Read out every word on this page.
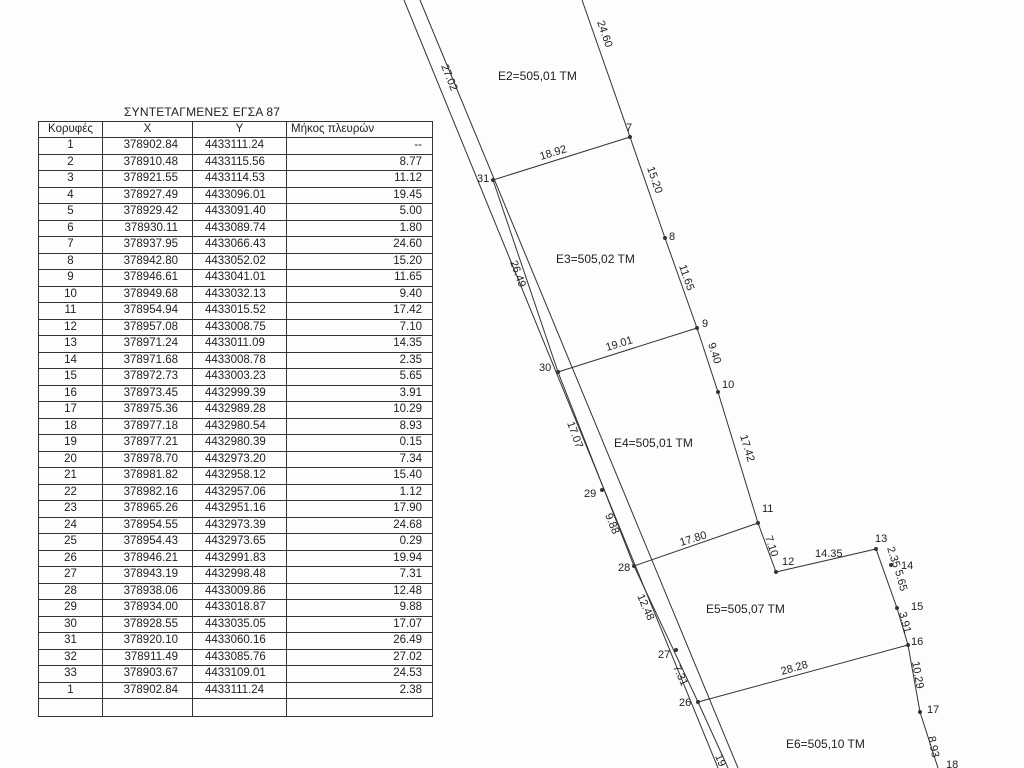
ΣΥΝΤΕΤΑΓΜΕΝΕΣ ΕΓΣΑ 87
Κορυφές	X	Y	Μήκος πλευρών
1	378902.84	4433111.24	--
2	378910.48	4433115.56	8.77
3	378921.55	4433114.53	11.12
4	378927.49	4433096.01	19.45
5	378929.42	4433091.40	5.00
6	378930.11	4433089.74	1.80
7	378937.95	4433066.43	24.60
8	378942.80	4433052.02	15.20
9	378946.61	4433041.01	11.65
10	378949.68	4433032.13	9.40
11	378954.94	4433015.52	17.42
12	378957.08	4433008.75	7.10
13	378971.24	4433011.09	14.35
14	378971.68	4433008.78	2.35
15	378972.73	4433003.23	5.65
16	378973.45	4432999.39	3.91
17	378975.36	4432989.28	10.29
18	378977.18	4432980.54	8.93
19	378977.21	4432980.39	0.15
20	378978.70	4432973.20	7.34
21	378981.82	4432958.12	15.40
22	378982.16	4432957.06	1.12
23	378965.26	4432951.16	17.90
24	378954.55	4432973.39	24.68
25	378954.43	4432973.65	0.29
26	378946.21	4432991.83	19.94
27	378943.19	4432998.48	7.31
28	378938.06	4433009.86	12.48
29	378934.00	4433018.87	9.88
30	378928.55	4433035.05	17.07
31	378920.10	4433060.16	26.49
32	378911.49	4433085.76	27.02
33	378903.67	4433109.01	24.53
1	378902.84	4433111.24	2.38

E2=505,01 TM
E3=505,02 TM
E4=505,01 TM
E5=505,07 TM
E6=505,10 TM
7
8
9
10
11
12
13
14
15
16
17
18
26
27
28
29
30
31
24.60
27.02
18.92
15.20
11.65
26.49
19.01	9.40
17.07	17.42
9.88
17.80	7.10	14.35	2.35
5.65
3.91
12.48
28.28
7.31	10.29
8.93
19
